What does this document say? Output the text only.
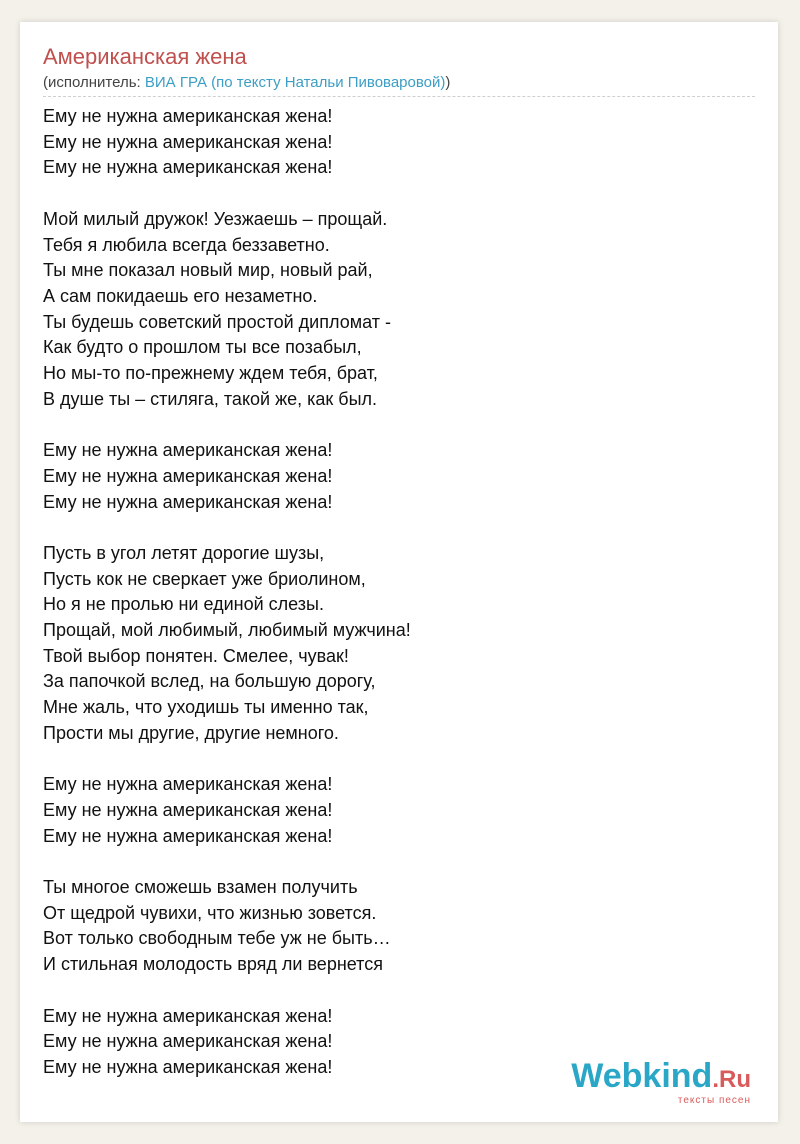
Американская жена
(исполнитель: ВИА ГРА (по тексту Натальи Пивоваровой))
Ему не нужна американская жена!
Ему не нужна американская жена!
Ему не нужна американская жена!
Мой милый дружок! Уезжаешь – прощай.
Тебя я любила всегда беззаветно.
Ты мне показал новый мир, новый рай,
А сам покидаешь его незаметно.
Ты будешь советский простой дипломат -
Как будто о прошлом ты все позабыл,
Но мы-то по-прежнему ждем тебя, брат,
В душе ты – стиляга, такой же, как был.
Ему не нужна американская жена!
Ему не нужна американская жена!
Ему не нужна американская жена!
Пусть в угол летят дорогие шузы,
Пусть кок не сверкает уже бриолином,
Но я не пролью ни единой слезы.
Прощай, мой любимый, любимый мужчина!
Твой выбор понятен. Смелее, чувак!
За папочкой вслед, на большую дорогу,
Мне жаль, что уходишь ты именно так,
Прости мы другие, другие немного.
Ему не нужна американская жена!
Ему не нужна американская жена!
Ему не нужна американская жена!
Ты многое сможешь взамен получить
От щедрой чувихи, что жизнью зовется.
Вот только свободным тебе уж не быть…
И стильная молодость вряд ли вернется
Ему не нужна американская жена!
Ему не нужна американская жена!
Ему не нужна американская жена!	Webkind.Ru
тексты песен
